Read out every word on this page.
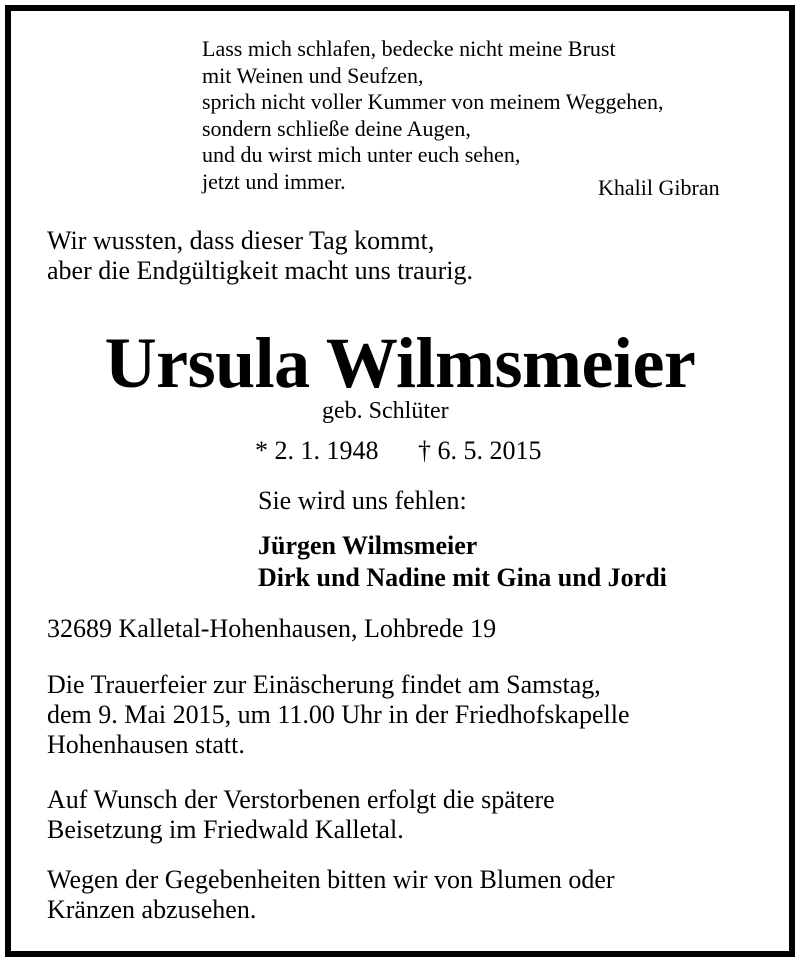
Lass mich schlafen, bedecke nicht meine Brust
mit Weinen und Seufzen,
sprich nicht voller Kummer von meinem Weggehen,
sondern schließe deine Augen,
und du wirst mich unter euch sehen,
jetzt und immer.	Khalil Gibran
Wir wussten, dass dieser Tag kommt,
aber die Endgültigkeit macht uns traurig.
Ursula Wilmsmeier
geb. Schlüter
* 2. 1. 1948 † 6. 5. 2015
Sie wird uns fehlen:
Jürgen Wilmsmeier
Dirk und Nadine mit Gina und Jordi
32689 Kalletal-Hohenhausen, Lohbrede 19
Die Trauerfeier zur Einäscherung findet am Samstag,
dem 9. Mai 2015, um 11.00 Uhr in der Friedhofskapelle
Hohenhausen statt.
Auf Wunsch der Verstorbenen erfolgt die spätere
Beisetzung im Friedwald Kalletal.
Wegen der Gegebenheiten bitten wir von Blumen oder
Kränzen abzusehen.
